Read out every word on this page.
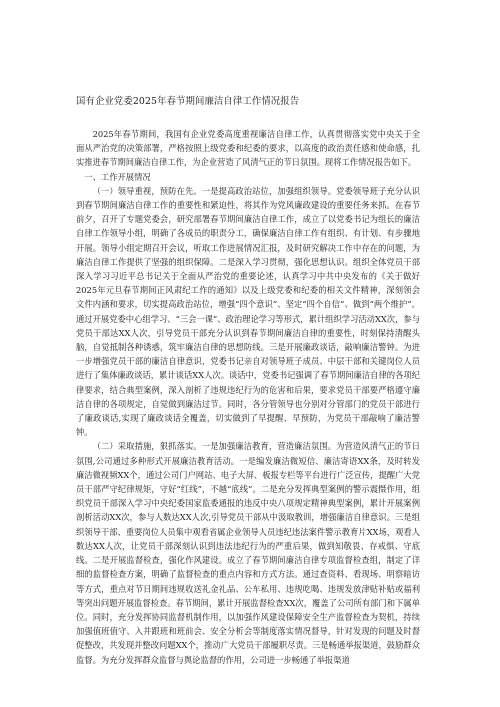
国有企业党委2025年春节期间廉洁自律工作情况报告

2025年春节期间，我国有企业党委高度重视廉洁自律工作，认真贯彻落实党中央关于全面从严治党的决策部署，严格按照上级党委和纪委的要求，以高度的政治责任感和使命感，扎实推进春节期间廉洁自律工作，为企业营造了风清气正的节日氛围。现将工作情况报告如下。

一、工作开展情况

（一）领导重视，预防在先。一是提高政治站位，加强组织领导。党委领导班子充分认识到春节期间廉洁自律工作的重要性和紧迫性，将其作为党风廉政建设的重要任务来抓。在春节前夕，召开了专题党委会，研究部署春节期间廉洁自律工作，成立了以党委书记为组长的廉洁自律工作领导小组，明确了各成员的职责分工，确保廉洁自律工作有组织、有计划、有步骤地开展。领导小组定期召开会议，听取工作进展情况汇报，及时研究解决工作中存在的问题，为廉洁自律工作提供了坚强的组织保障。二是深入学习贯彻，强化思想认识。组织全体党员干部深入学习习近平总书记关于全面从严治党的重要论述，认真学习中共中央发布的《关于做好2025年元旦春节期间正风肃纪工作的通知》以及上级党委和纪委的相关文件精神，深刻领会文件内涵和要求，切实提高政治站位，增强“四个意识”、坚定“四个自信”、做到“两个维护”。通过开展党委中心组学习、“三会一课”、政治理论学习等形式，累计组织学习活动XX次，参与党员干部达XX人次，引导党员干部充分认识到春节期间廉洁自律的重要性，时刻保持清醒头脑，自觉抵制各种诱惑，筑牢廉洁自律的思想防线。三是开展廉政谈话，敲响廉洁警钟。为进一步增强党员干部的廉洁自律意识，党委书记亲自对领导班子成员、中层干部和关键岗位人员进行了集体廉政谈话，累计谈话XX人次。谈话中，党委书记强调了春节期间廉洁自律的各项纪律要求，结合典型案例，深入剖析了违规违纪行为的危害和后果，要求党员干部要严格遵守廉洁自律的各项规定，自觉做到廉洁过节。同时，各分管领导也分别对分管部门的党员干部进行了廉政谈话,实现了廉政谈话全覆盖，切实做到了早提醒、早预防，为党员干部敲响了廉洁警钟。

（二）采取措施，狠抓落实。一是加强廉洁教育，营造廉洁氛围。为营造风清气正的节日氛围,公司通过多种形式开展廉洁教育活动。一是编发廉洁微短信、廉洁寄语XX条，及时转发廉洁微视频XX个，通过公司门户网站、电子大屏、板报专栏等平台进行广泛宣传，提醒广大党员干部严守纪律规矩，守好“红线”，不越“底线”。二是充分发挥典型案例的警示震慑作用，组织党员干部深入学习中央纪委国家监委通报的违反中央八项规定精神典型案例，累计开展案例剖析活动XX次，参与人数达XX人次,引导党员干部从中汲取教训，增强廉洁自律意识。三是组织领导干部、重要岗位人员集中观看省属企业领导人员违纪违法案件警示教育片XX场，观看人数达XX人次，让党员干部深刻认识到违法违纪行为的严重后果，做到知敬畏、存戒惧、守底线。二是开展监督检查，强化作风建设。成立了春节期间廉洁自律专项监督检查组，制定了详细的监督检查方案，明确了监督检查的重点内容和方式方法。通过查资料、看现场、明察暗访等方式，重点对节日期间违规收送礼金礼品、公车私用、违规吃喝、违规发放津贴补贴或福利等突出问题开展监督检查。春节期间，累计开展监督检查XX次，覆盖了公司所有部门和下属单位。同时，充分发挥协同监督机制作用，以加强作风建设保障安全生产监督检查为契机，持续加强值班值守、入井跟班和班前会、安全分析会等制度落实情况督导，针对发现的问题及时督促整改，共发现并整改问题XX个，推动广大党员干部履职尽责。三是畅通举报渠道，鼓励群众监督。为充分发挥群众监督与舆论监督的作用，公司进一步畅通了举报渠道
